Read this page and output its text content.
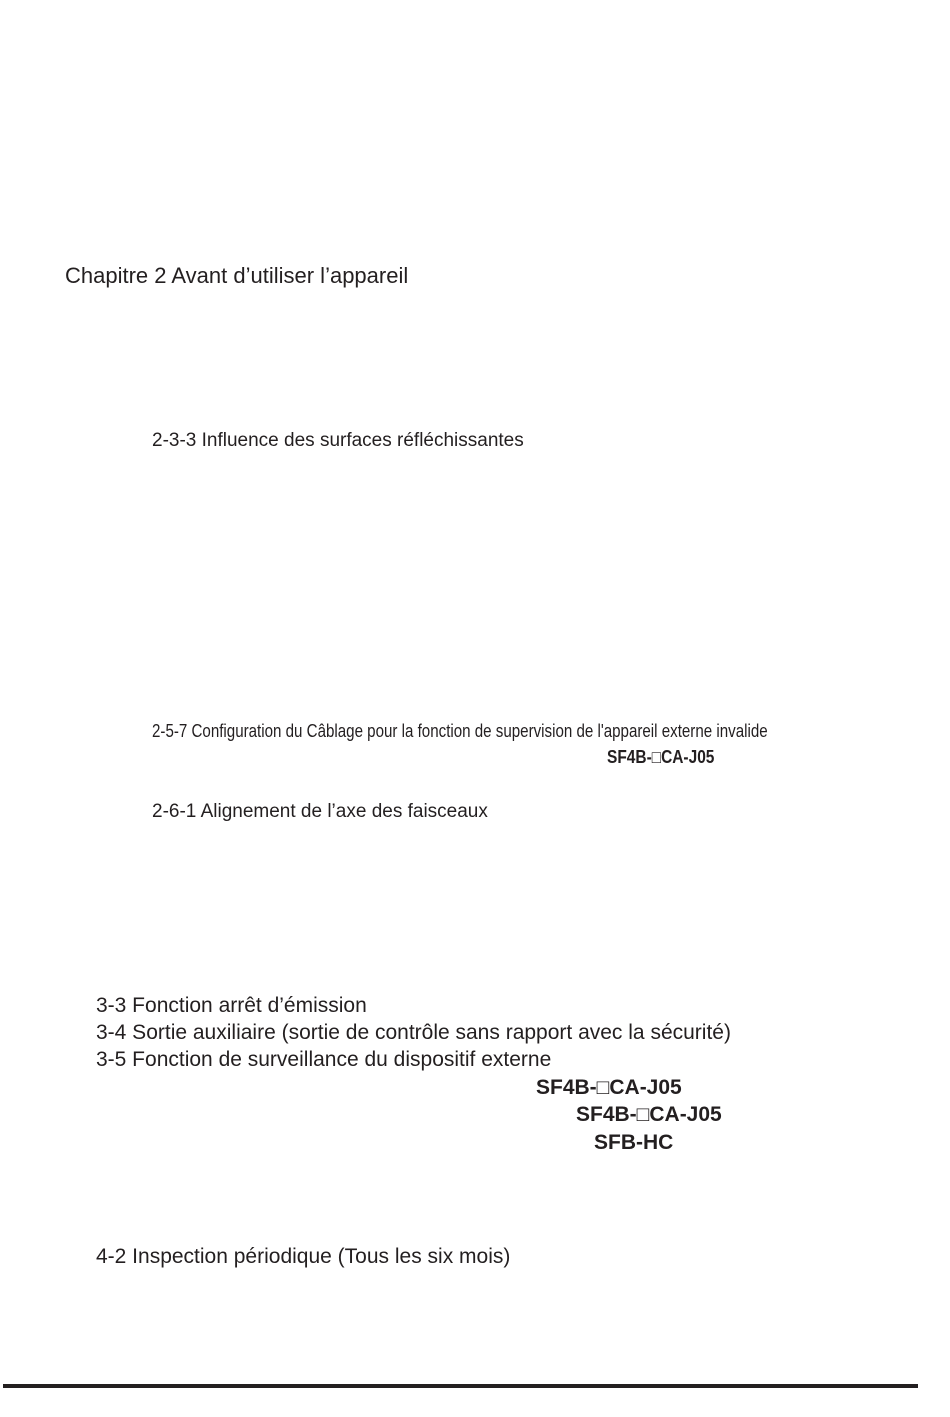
Chapitre 2 Avant d’utiliser l’appareil
2-3-3 Influence des surfaces réfléchissantes
2-5-7 Configuration du Câblage pour la fonction de supervision de l'appareil externe invalide
SF4B-□CA-J05
2-6-1 Alignement de l’axe des faisceaux
3-3 Fonction arrêt d’émission
3-4 Sortie auxiliaire (sortie de contrôle sans rapport avec la sécurité)
3-5 Fonction de surveillance du dispositif externe
SF4B-□CA-J05
SF4B-□CA-J05
SFB-HC
4-2 Inspection périodique (Tous les six mois)
